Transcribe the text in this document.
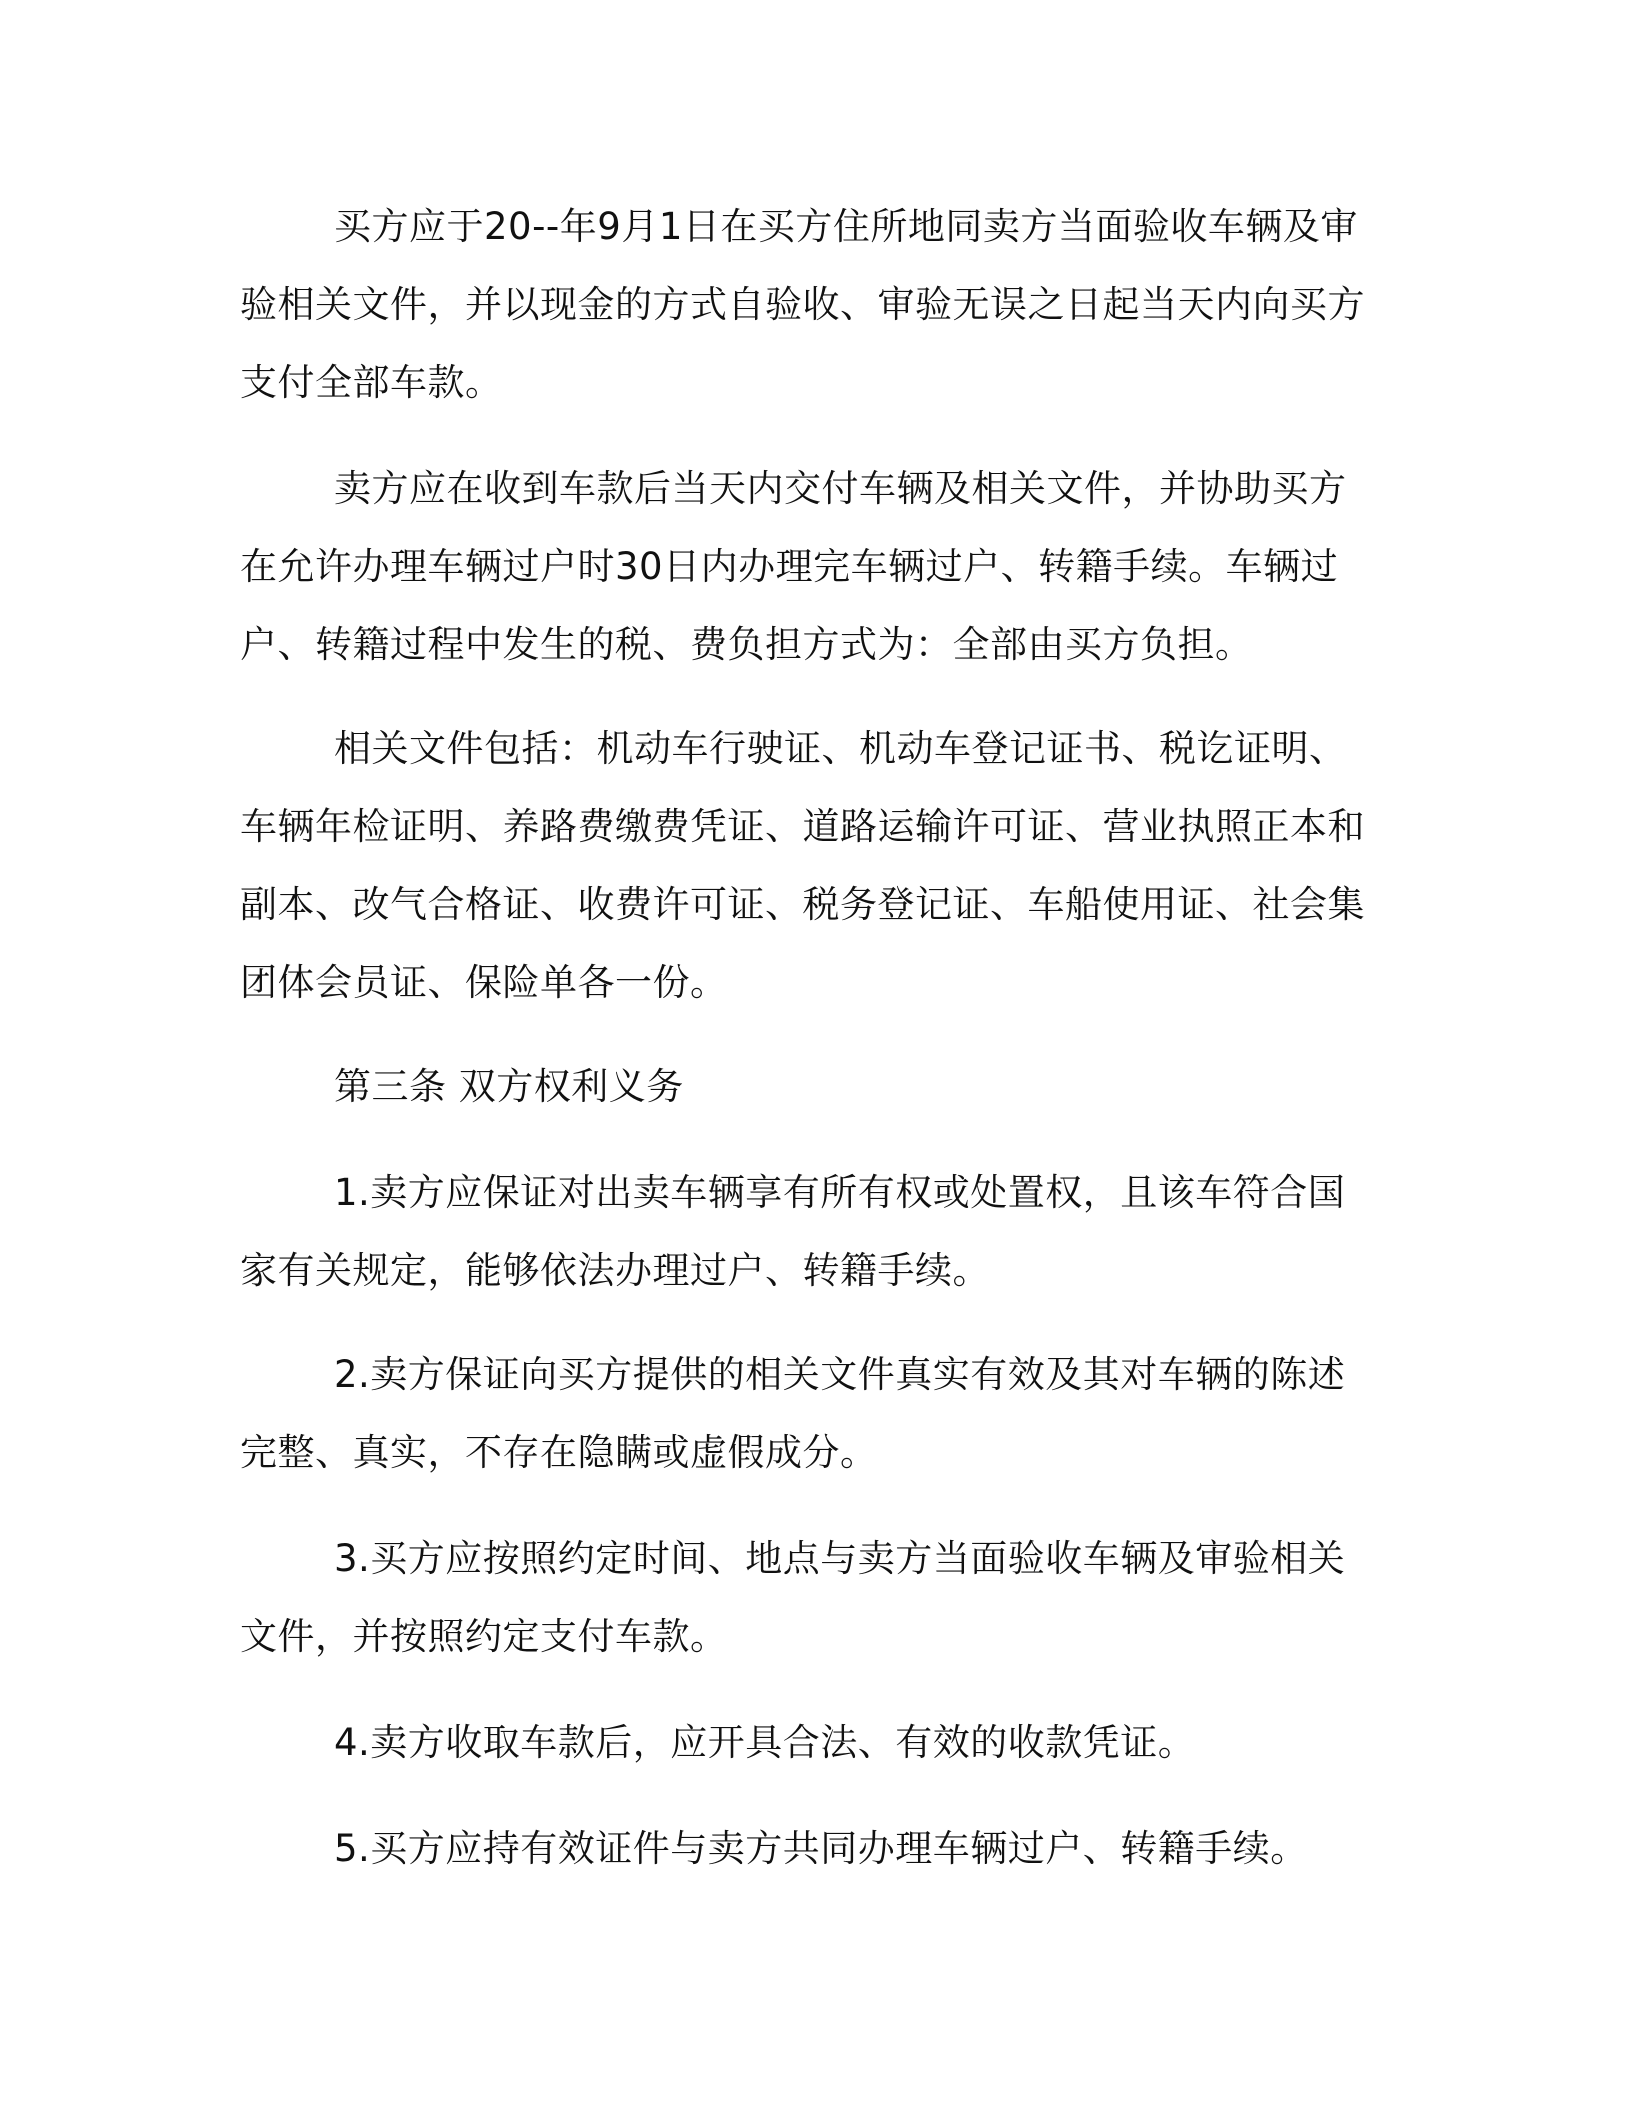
买方应于20--年9月1日在买方住所地同卖方当面验收车辆及审验相关文件，并以现金的方式自验收、审验无误之日起当天内向买方支付全部车款。

卖方应在收到车款后当天内交付车辆及相关文件，并协助买方在允许办理车辆过户时30日内办理完车辆过户、转籍手续。车辆过户、转籍过程中发生的税、费负担方式为：全部由买方负担。

相关文件包括：机动车行驶证、机动车登记证书、税讫证明、车辆年检证明、养路费缴费凭证、道路运输许可证、营业执照正本和副本、改气合格证、收费许可证、税务登记证、车船使用证、社会集团体会员证、保险单各一份。

第三条 双方权利义务

1.卖方应保证对出卖车辆享有所有权或处置权，且该车符合国家有关规定，能够依法办理过户、转籍手续。

2.卖方保证向买方提供的相关文件真实有效及其对车辆的陈述完整、真实，不存在隐瞒或虚假成分。

3.买方应按照约定时间、地点与卖方当面验收车辆及审验相关文件，并按照约定支付车款。

4.卖方收取车款后，应开具合法、有效的收款凭证。

5.买方应持有效证件与卖方共同办理车辆过户、转籍手续。
